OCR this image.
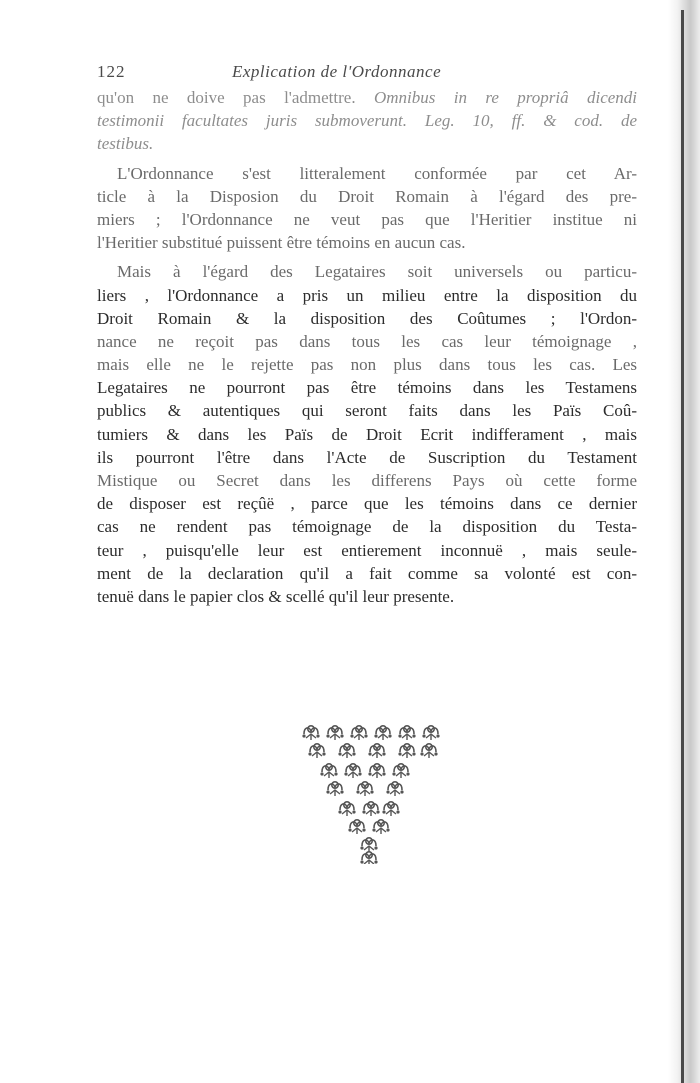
122	Explication de l'Ordonnance
qu'on ne doive pas l'admettre. Omnibus in re propriâ dicendi
testimonii facultates juris submoverunt. Leg. 10, ff. & cod. de
testibus.
L'Ordonnance s'est litteralement conformée par cet Ar-
ticle à la Disposion du Droit Romain à l'égard des pre-
miers ; l'Ordonnance ne veut pas que l'Heritier institue ni
l'Heritier substitué puissent être témoins en aucun cas.
Mais à l'égard des Legataires soit universels ou particu-
liers , l'Ordonnance a pris un milieu entre la disposition du
Droit Romain & la disposition des Coûtumes ; l'Ordon-
nance ne reçoit pas dans tous les cas leur témoignage ,
mais elle ne le rejette pas non plus dans tous les cas. Les
Legataires ne pourront pas être témoins dans les Testamens
publics & autentiques qui seront faits dans les Païs Coû-
tumiers & dans les Païs de Droit Ecrit indifferament , mais
ils pourront l'être dans l'Acte de Suscription du Testament
Mistique ou Secret dans les differens Pays où cette forme
de disposer est reçûë , parce que les témoins dans ce dernier
cas ne rendent pas témoignage de la disposition du Testa-
teur , puisqu'elle leur est entierement inconnuë , mais seule-
ment de la declaration qu'il a fait comme sa volonté est con-
tenuë dans le papier clos & scellé qu'il leur presente.
